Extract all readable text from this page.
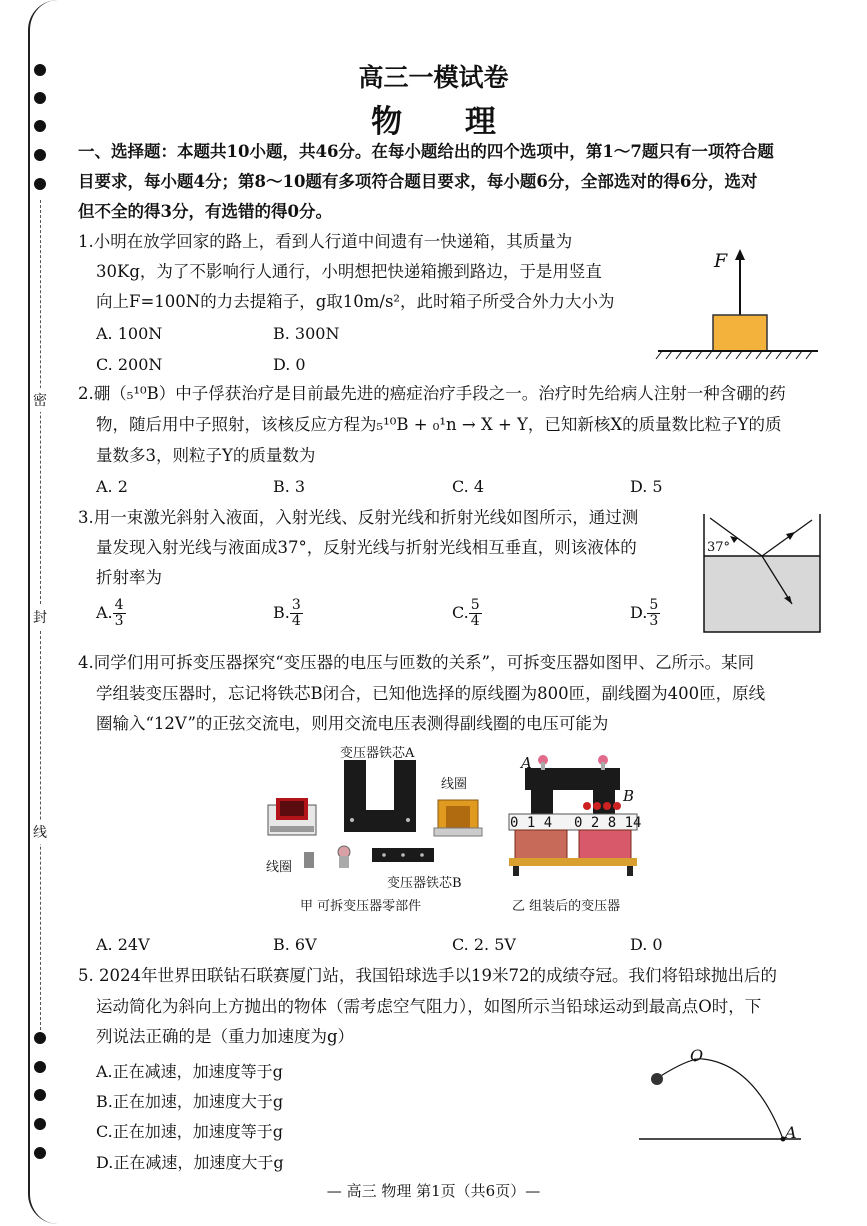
密
封
线
高三一模试卷
物 理
一、选择题：本题共10小题，共46分。在每小题给出的四个选项中，第1～7题只有一项符合题
目要求，每小题4分；第8～10题有多项符合题目要求，每小题6分，全部选对的得6分，选对
但不全的得3分，有选错的得0分。
1.小明在放学回家的路上，看到人行道中间遗有一快递箱，其质量为
30Kg，为了不影响行人通行，小明想把快递箱搬到路边，于是用竖直
向上F=100N的力去提箱子，g取10m/s²，此时箱子所受合外力大小为
A. 100N	B. 300N
C. 200N	D. 0
F
2.硼（₅¹⁰B）中子俘获治疗是目前最先进的癌症治疗手段之一。治疗时先给病人注射一种含硼的药
物，随后用中子照射，该核反应方程为₅¹⁰B + ₀¹n → X + Y，已知新核X的质量数比粒子Y的质
量数多3，则粒子Y的质量数为
A. 2	B. 3	C. 4	D. 5
3.用一束激光斜射入液面，入射光线、反射光线和折射光线如图所示，通过测
量发现入射光线与液面成37°，反射光线与折射光线相互垂直，则该液体的
折射率为
A. $\frac{4}{3}$	B. $\frac{3}{4}$	C. $\frac{5}{4}$	D. $\frac{5}{3}$
37°
4.同学们用可拆变压器探究“变压器的电压与匝数的关系”，可拆变压器如图甲、乙所示。某同
学组装变压器时，忘记将铁芯B闭合，已知他选择的原线圈为800匝，副线圈为400匝，原线
圈输入“12V”的正弦交流电，则用交流电压表测得副线圈的电压可能为
变压器铁芯A
线圈
线圈
变压器铁芯B
甲 可拆变压器零部件
A
B
0 1 4 0 2 8 14
乙 组装后的变压器
A. 24V	B. 6V	C. 2. 5V	D. 0
5. 2024年世界田联钻石联赛厦门站，我国铅球选手以19米72的成绩夺冠。我们将铅球抛出后的
运动简化为斜向上方抛出的物体（需考虑空气阻力），如图所示当铅球运动到最高点O时，下
列说法正确的是（重力加速度为g）
A.正在减速，加速度等于g
B.正在加速，加速度大于g
C.正在加速，加速度等于g
D.正在减速，加速度大于g
O
A
— 高三 物理 第1页（共6页）—
